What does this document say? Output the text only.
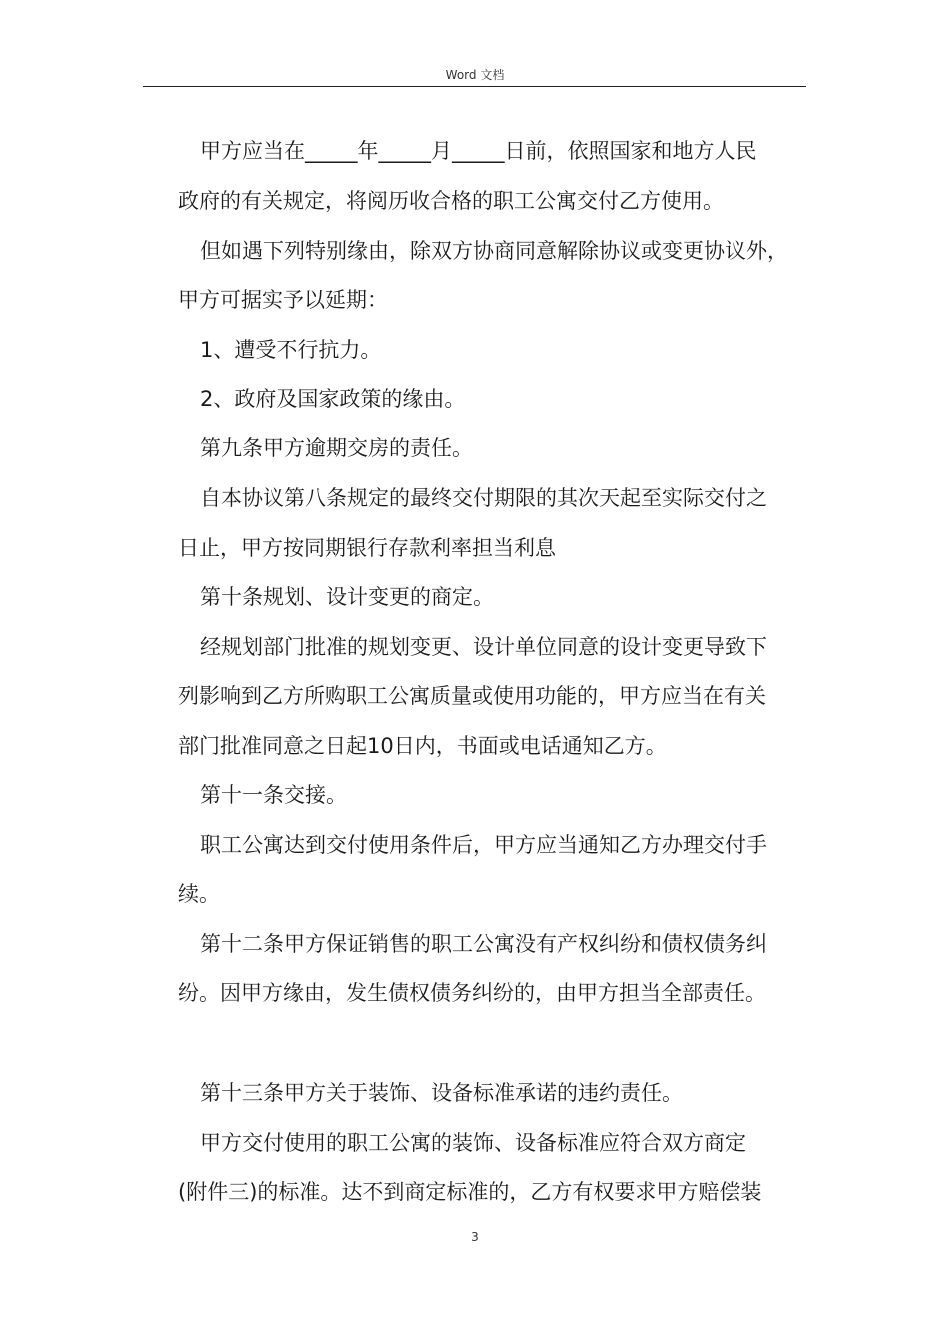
Word 文档
甲方应当在_____年_____月_____日前，依照国家和地方人民
政府的有关规定，将阅历收合格的职工公寓交付乙方使用。
但如遇下列特别缘由，除双方协商同意解除协议或变更协议外，
甲方可据实予以延期：
1、遭受不行抗力。
2、政府及国家政策的缘由。
第九条甲方逾期交房的责任。
自本协议第八条规定的最终交付期限的其次天起至实际交付之
日止，甲方按同期银行存款利率担当利息
第十条规划、设计变更的商定。
经规划部门批准的规划变更、设计单位同意的设计变更导致下
列影响到乙方所购职工公寓质量或使用功能的，甲方应当在有关
部门批准同意之日起10日内，书面或电话通知乙方。
第十一条交接。
职工公寓达到交付使用条件后，甲方应当通知乙方办理交付手
续。
第十二条甲方保证销售的职工公寓没有产权纠纷和债权债务纠
纷。因甲方缘由，发生债权债务纠纷的，由甲方担当全部责任。
第十三条甲方关于装饰、设备标准承诺的违约责任。
甲方交付使用的职工公寓的装饰、设备标准应符合双方商定
(附件三)的标准。达不到商定标准的，乙方有权要求甲方赔偿装
3
